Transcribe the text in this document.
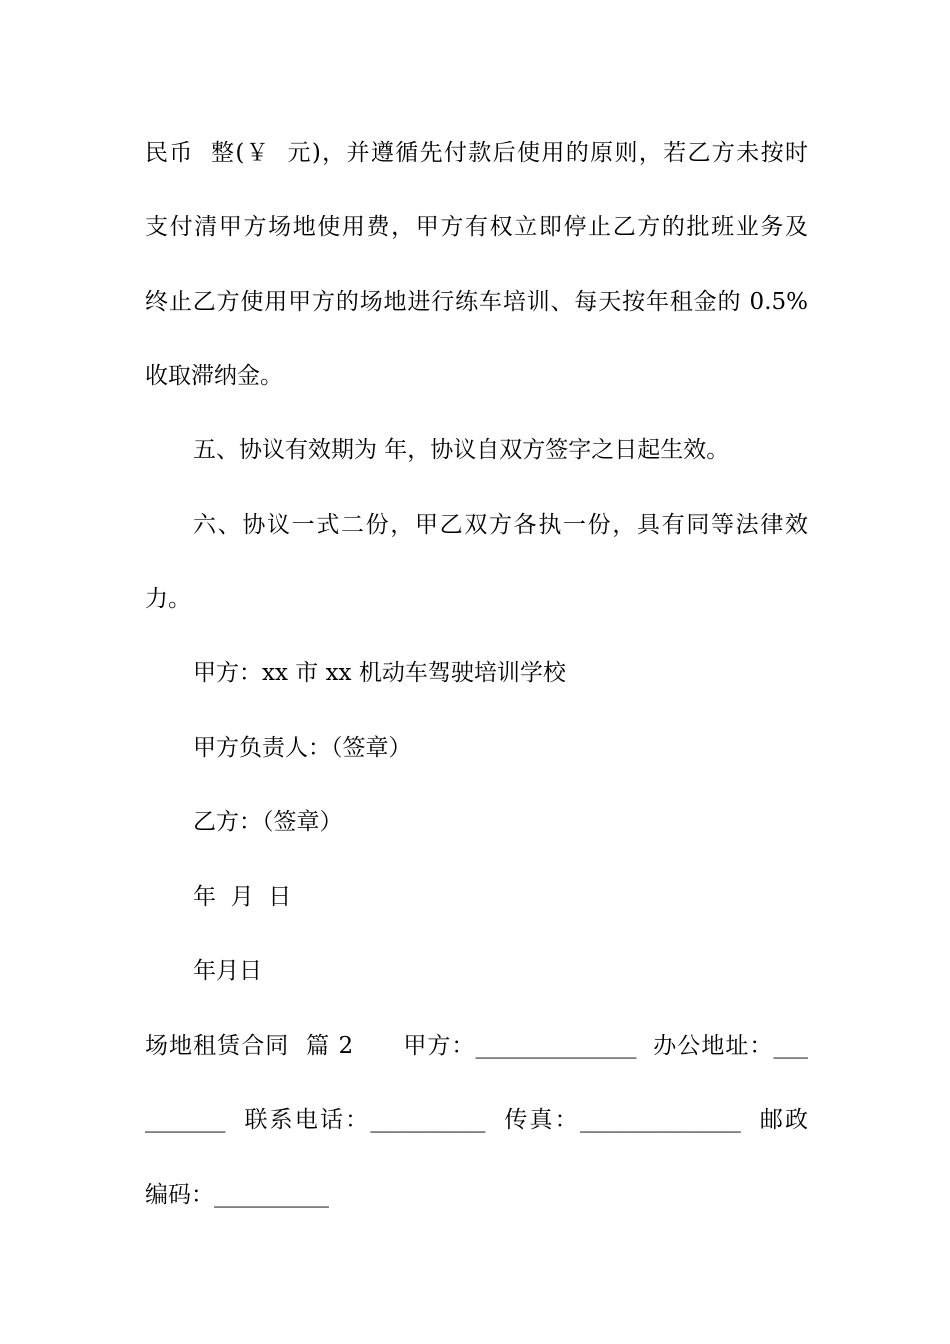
民币  整(￥  元)，并遵循先付款后使用的原则，若乙方未按时
支付清甲方场地使用费，甲方有权立即停止乙方的批班业务及
终止乙方使用甲方的场地进行练车培训、每天按年租金的 0.5%
收取滞纳金。
五、协议有效期为 年，协议自双方签字之日起生效。
六、协议一式二份，甲乙双方各执一份，具有同等法律效
力。
甲方：xx 市 xx 机动车驾驶培训学校
甲方负责人：（签章）
乙方：（签章）
年  月  日
年月日
场地租赁合同  篇 2      甲方：______________  办公地址：___
_______  联系电话：__________  传真：______________  邮政
编码：__________
